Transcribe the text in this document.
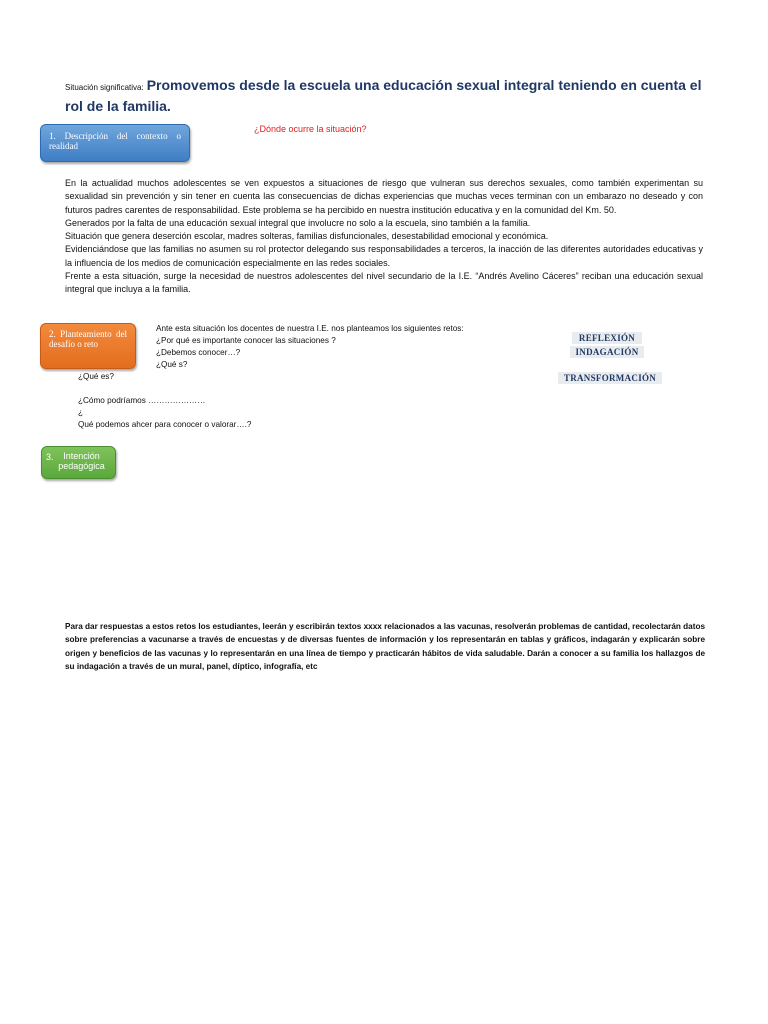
Situación significativa: Promovemos desde la escuela una educación sexual integral teniendo en cuenta el rol de la familia.
1. Descripción del contexto o realidad
¿Dónde ocurre la situación?

En la actualidad muchos adolescentes se ven expuestos a situaciones de riesgo que vulneran sus derechos sexuales, como también experimentan su sexualidad sin prevención y sin tener en cuenta las consecuencias de dichas experiencias que muchas veces terminan con un embarazo no deseado y con futuros padres carentes de responsabilidad. Este problema se ha percibido en nuestra institución educativa y en la comunidad del Km. 50.

Generados por la falta de una educación sexual integral que involucre no solo a la escuela, sino también a la familia.

Situación que genera deserción escolar, madres solteras, familias disfuncionales, desestabilidad emocional y económica.

Evidenciándose que las familias no asumen su rol protector delegando sus responsabilidades a terceros, la inacción de las diferentes autoridades educativas y la influencia de los medios de comunicación especialmente en las redes sociales.

Frente a esta situación, surge la necesidad de nuestros adolescentes del nivel secundario de la I.E. “Andrés Avelino Cáceres” reciban una educación sexual integral que incluya a la familia.

2. Planteamiento del desafío o reto
Ante esta situación los docentes de nuestra I.E. nos planteamos los siguientes retos:
¿Por qué es importante conocer las situaciones ?
¿Debemos conocer…?
¿Qué s?
REFLEXIÓN
INDAGACIÓN
TRANSFORMACIÓN
¿Qué es?
¿Cómo podríamos …………………
¿
Qué podemos ahcer para conocer o valorar….?
3.	Intención pedagógica
Para dar respuestas a estos retos los estudiantes, leerán y escribirán textos xxxx relacionados a las vacunas, resolverán problemas de cantidad, recolectarán datos sobre preferencias a vacunarse a través de encuestas y de diversas fuentes de información y los representarán en tablas y gráficos, indagarán y explicarán sobre origen y beneficios de las vacunas y lo representarán en una línea de tiempo y practicarán hábitos de vida saludable. Darán a conocer a su familia los hallazgos de su indagación a través de un mural, panel, díptico, infografía, etc
